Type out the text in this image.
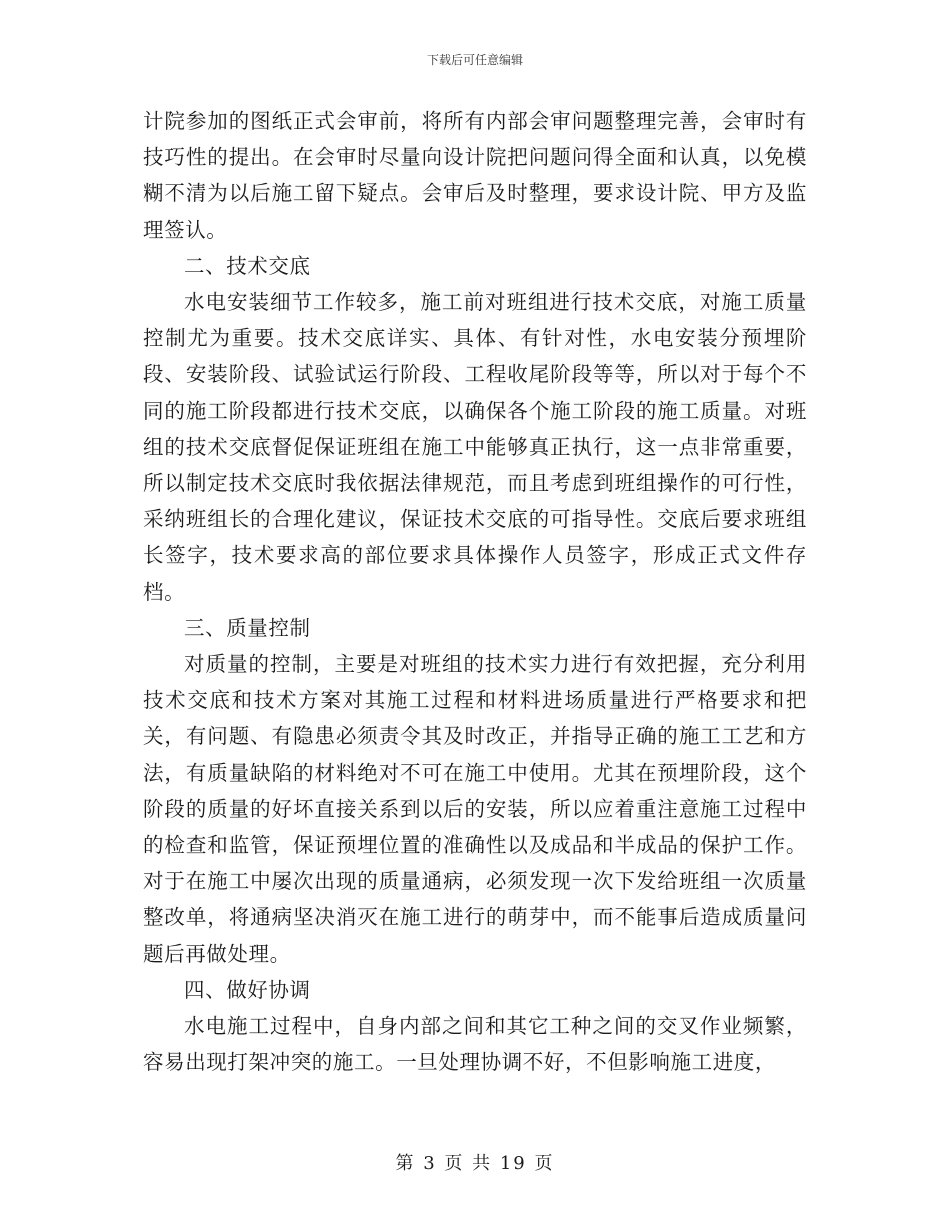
下载后可任意编辑

计院参加的图纸正式会审前，将所有内部会审问题整理完善，会审时有技巧性的提出。在会审时尽量向设计院把问题问得全面和认真，以免模糊不清为以后施工留下疑点。会审后及时整理，要求设计院、甲方及监理签认。

二、技术交底

水电安装细节工作较多，施工前对班组进行技术交底，对施工质量控制尤为重要。技术交底详实、具体、有针对性，水电安装分预埋阶段、安装阶段、试验试运行阶段、工程收尾阶段等等，所以对于每个不同的施工阶段都进行技术交底，以确保各个施工阶段的施工质量。对班组的技术交底督促保证班组在施工中能够真正执行，这一点非常重要，所以制定技术交底时我依据法律规范，而且考虑到班组操作的可行性，采纳班组长的合理化建议，保证技术交底的可指导性。交底后要求班组长签字，技术要求高的部位要求具体操作人员签字，形成正式文件存档。

三、质量控制

对质量的控制，主要是对班组的技术实力进行有效把握，充分利用技术交底和技术方案对其施工过程和材料进场质量进行严格要求和把关，有问题、有隐患必须责令其及时改正，并指导正确的施工工艺和方法，有质量缺陷的材料绝对不可在施工中使用。尤其在预埋阶段，这个阶段的质量的好坏直接关系到以后的安装，所以应着重注意施工过程中的检查和监管，保证预埋位置的准确性以及成品和半成品的保护工作。对于在施工中屡次出现的质量通病，必须发现一次下发给班组一次质量整改单，将通病坚决消灭在施工进行的萌芽中，而不能事后造成质量问题后再做处理。

四、做好协调

水电施工过程中，自身内部之间和其它工种之间的交叉作业频繁，容易出现打架冲突的施工。一旦处理协调不好，不但影响施工进度，

第 3 页 共 19 页
